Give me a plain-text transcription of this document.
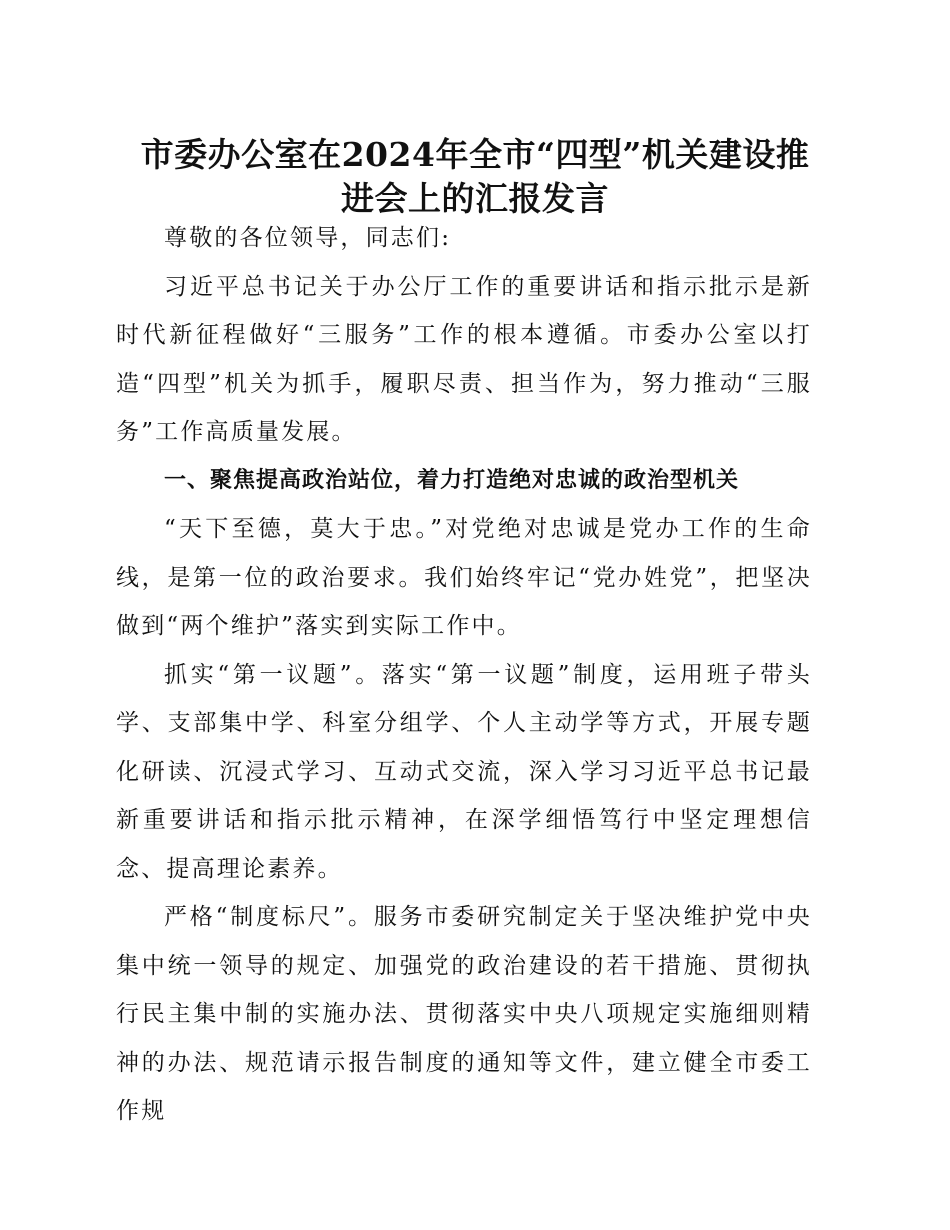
市委办公室在2024年全市“四型”机关建设推
进会上的汇报发言

尊敬的各位领导，同志们:

习近平总书记关于办公厅工作的重要讲话和指示批示是新时代新征程做好“三服务”工作的根本遵循。市委办公室以打造“四型”机关为抓手，履职尽责、担当作为，努力推动“三服务”工作高质量发展。

一、聚焦提高政治站位，着力打造绝对忠诚的政治型机关

“天下至德，莫大于忠。”对党绝对忠诚是党办工作的生命线，是第一位的政治要求。我们始终牢记“党办姓党”，把坚决做到“两个维护”落实到实际工作中。

抓实“第一议题”。落实“第一议题”制度，运用班子带头学、支部集中学、科室分组学、个人主动学等方式，开展专题化研读、沉浸式学习、互动式交流，深入学习习近平总书记最新重要讲话和指示批示精神，在深学细悟笃行中坚定理想信念、提高理论素养。

严格“制度标尺”。服务市委研究制定关于坚决维护党中央集中统一领导的规定、加强党的政治建设的若干措施、贯彻执行民主集中制的实施办法、贯彻落实中央八项规定实施细则精神的办法、规范请示报告制度的通知等文件，建立健全市委工作规
